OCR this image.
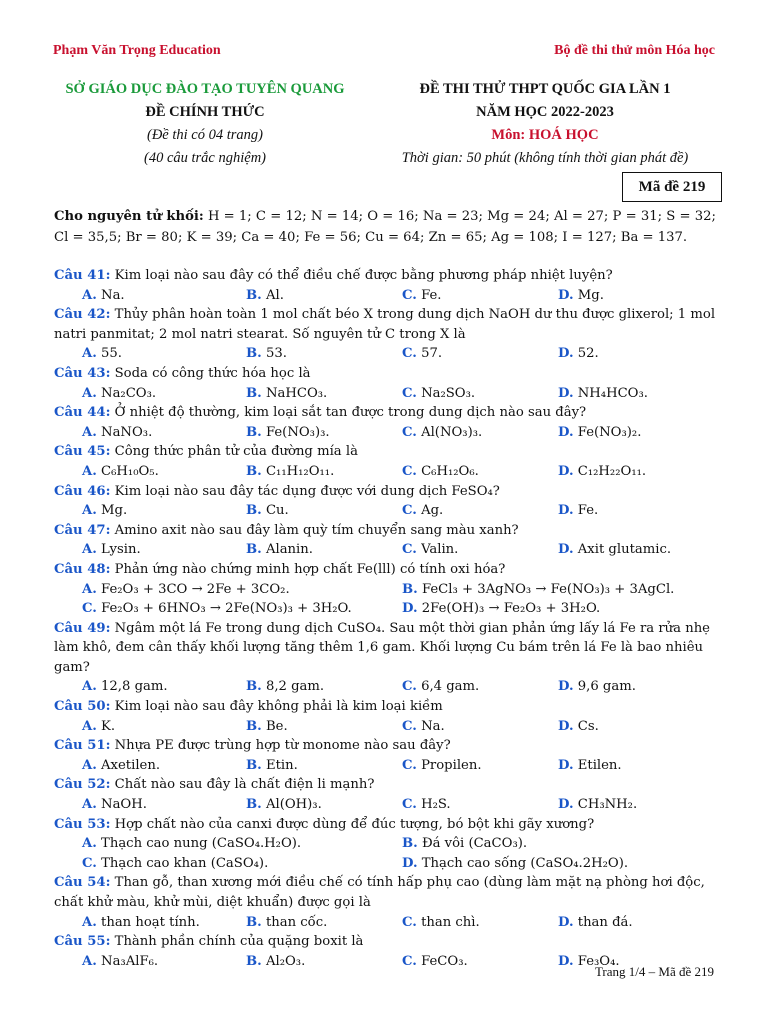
Phạm Văn Trọng Education	Bộ đề thi thử môn Hóa học
SỞ GIÁO DỤC ĐÀO TẠO TUYÊN QUANG
ĐỀ CHÍNH THỨC
(Đề thi có 04 trang)
(40 câu trắc nghiệm)
ĐỀ THI THỬ THPT QUỐC GIA LẦN 1
NĂM HỌC 2022-2023
Môn: HOÁ HỌC
Thời gian: 50 phút (không tính thời gian phát đề)
Mã đề 219
Cho nguyên tử khối: H = 1; C = 12; N = 14; O = 16; Na = 23; Mg = 24; Al = 27; P = 31; S = 32; Cl = 35,5; Br = 80; K = 39; Ca = 40; Fe = 56; Cu = 64; Zn = 65; Ag = 108; I = 127; Ba = 137.
Câu 41: Kim loại nào sau đây có thể điều chế được bằng phương pháp nhiệt luyện?
A. Na.	B. Al.	C. Fe.	D. Mg.
Câu 42: Thủy phân hoàn toàn 1 mol chất béo X trong dung dịch NaOH dư thu được glixerol; 1 mol natri panmitat; 2 mol natri stearat. Số nguyên tử C trong X là
A. 55.	B. 53.	C. 57.	D. 52.
Câu 43: Soda có công thức hóa học là
A. Na₂CO₃.	B. NaHCO₃.	C. Na₂SO₃.	D. NH₄HCO₃.
Câu 44: Ở nhiệt độ thường, kim loại sắt tan được trong dung dịch nào sau đây?
A. NaNO₃.	B. Fe(NO₃)₃.	C. Al(NO₃)₃.	D. Fe(NO₃)₂.
Câu 45: Công thức phân tử của đường mía là
A. C₆H₁₀O₅.	B. C₁₁H₁₂O₁₁.	C. C₆H₁₂O₆.	D. C₁₂H₂₂O₁₁.
Câu 46: Kim loại nào sau đây tác dụng được với dung dịch FeSO₄?
A. Mg.	B. Cu.	C. Ag.	D. Fe.
Câu 47: Amino axit nào sau đây làm quỳ tím chuyển sang màu xanh?
A. Lysin.	B. Alanin.	C. Valin.	D. Axit glutamic.
Câu 48: Phản ứng nào chứng minh hợp chất Fe(lll) có tính oxi hóa?
A. Fe₂O₃ + 3CO → 2Fe + 3CO₂.	B. FeCl₃ + 3AgNO₃ → Fe(NO₃)₃ + 3AgCl.
C. Fe₂O₃ + 6HNO₃ → 2Fe(NO₃)₃ + 3H₂O.	D. 2Fe(OH)₃ → Fe₂O₃ + 3H₂O.
Câu 49: Ngâm một lá Fe trong dung dịch CuSO₄. Sau một thời gian phản ứng lấy lá Fe ra rửa nhẹ làm khô, đem cân thấy khối lượng tăng thêm 1,6 gam. Khối lượng Cu bám trên lá Fe là bao nhiêu gam?
A. 12,8 gam.	B. 8,2 gam.	C. 6,4 gam.	D. 9,6 gam.
Câu 50: Kim loại nào sau đây không phải là kim loại kiềm
A. K.	B. Be.	C. Na.	D. Cs.
Câu 51: Nhựa PE được trùng hợp từ monome nào sau đây?
A. Axetilen.	B. Etin.	C. Propilen.	D. Etilen.
Câu 52: Chất nào sau đây là chất điện li mạnh?
A. NaOH.	B. Al(OH)₃.	C. H₂S.	D. CH₃NH₂.
Câu 53: Hợp chất nào của canxi được dùng để đúc tượng, bó bột khi gãy xương?
A. Thạch cao nung (CaSO₄.H₂O).	B. Đá vôi (CaCO₃).
C. Thạch cao khan (CaSO₄).	D. Thạch cao sống (CaSO₄.2H₂O).
Câu 54: Than gỗ, than xương mới điều chế có tính hấp phụ cao (dùng làm mặt nạ phòng hơi độc, chất khử màu, khử mùi, diệt khuẩn) được gọi là
A. than hoạt tính.	B. than cốc.	C. than chì.	D. than đá.
Câu 55: Thành phần chính của quặng boxit là
A. Na₃AlF₆.	B. Al₂O₃.	C. FeCO₃.	D. Fe₃O₄.
Trang 1/4 – Mã đề 219
